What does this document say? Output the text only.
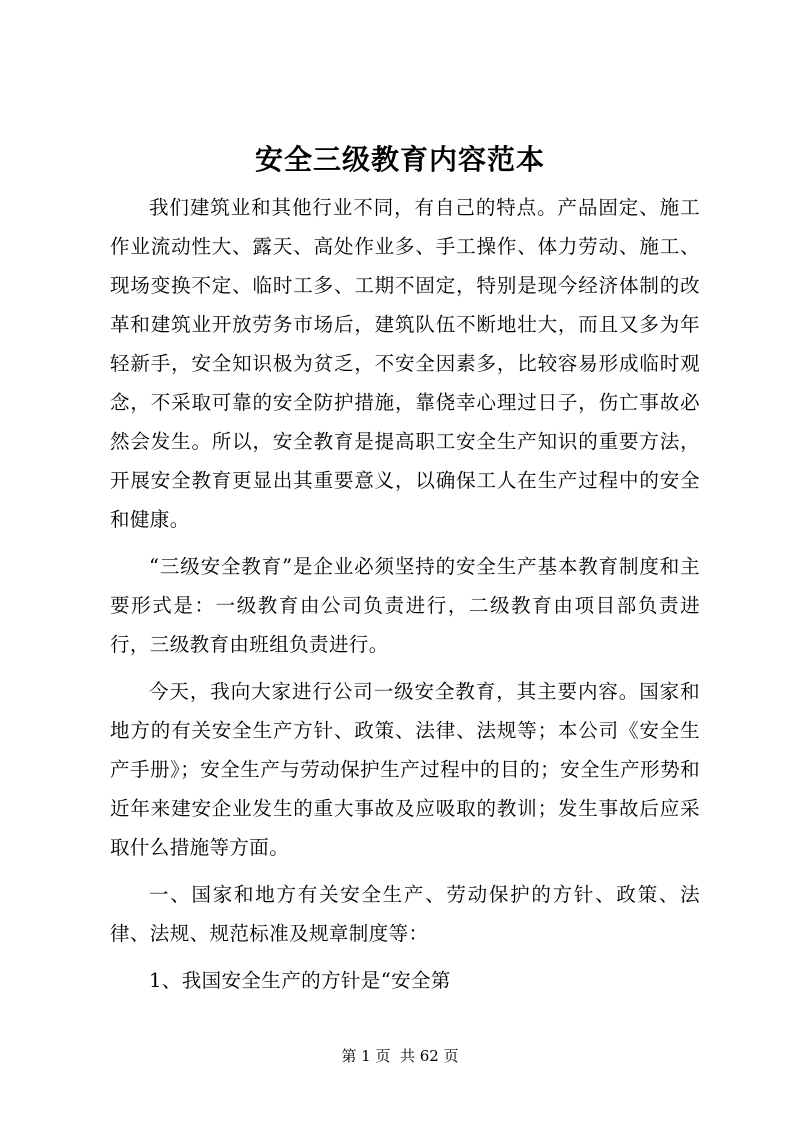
安全三级教育内容范本

我们建筑业和其他行业不同，有自己的特点。产品固定、施工作业流动性大、露天、高处作业多、手工操作、体力劳动、施工、现场变换不定、临时工多、工期不固定，特别是现今经济体制的改革和建筑业开放劳务市场后，建筑队伍不断地壮大，而且又多为年轻新手，安全知识极为贫乏，不安全因素多，比较容易形成临时观念，不采取可靠的安全防护措施，靠侥幸心理过日子，伤亡事故必然会发生。所以，安全教育是提高职工安全生产知识的重要方法，开展安全教育更显出其重要意义，以确保工人在生产过程中的安全和健康。

“三级安全教育”是企业必须坚持的安全生产基本教育制度和主要形式是：一级教育由公司负责进行，二级教育由项目部负责进行，三级教育由班组负责进行。

今天，我向大家进行公司一级安全教育，其主要内容。国家和地方的有关安全生产方针、政策、法律、法规等；本公司《安全生产手册》；安全生产与劳动保护生产过程中的目的；安全生产形势和近年来建安企业发生的重大事故及应吸取的教训；发生事故后应采取什么措施等方面。

一、国家和地方有关安全生产、劳动保护的方针、政策、法律、法规、规范标准及规章制度等：

1、我国安全生产的方针是“安全第

第 1 页  共 62 页
